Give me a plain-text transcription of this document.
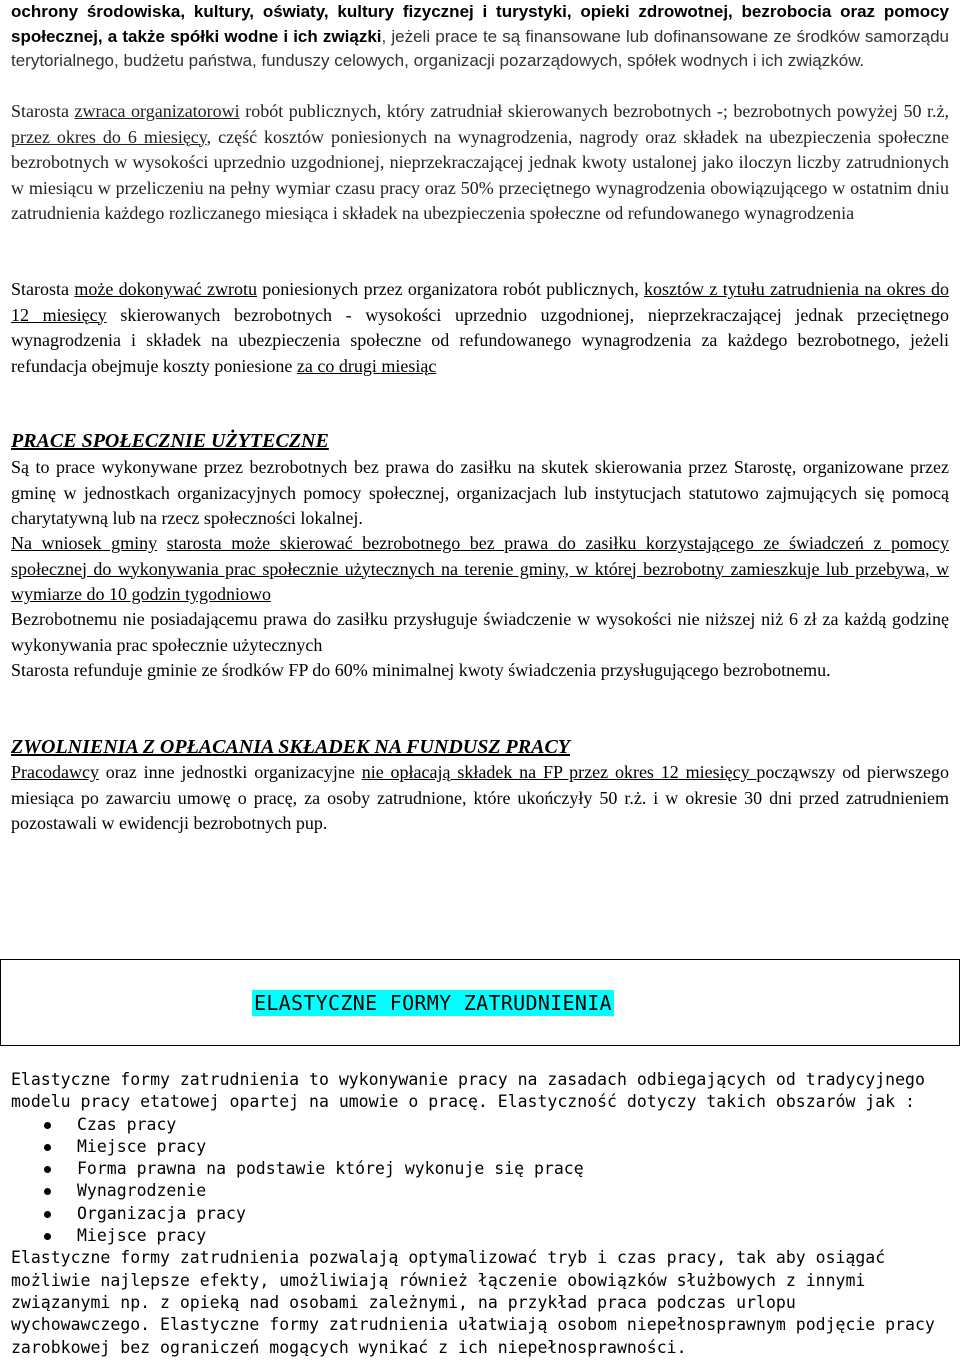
ochrony środowiska, kultury, oświaty, kultury fizycznej i turystyki, opieki zdrowotnej, bezrobocia oraz pomocy społecznej, a także spółki wodne i ich związki, jeżeli prace te są finansowane lub dofinansowane ze środków samorządu terytorialnego, budżetu państwa, funduszy celowych, organizacji pozarządowych, spółek wodnych i ich związków.

Starosta zwraca organizatorowi robót publicznych, który zatrudniał skierowanych bezrobotnych -; bezrobotnych powyżej 50 r.ż, przez okres do 6 miesięcy, część kosztów poniesionych na wynagrodzenia, nagrody oraz składek na ubezpieczenia społeczne bezrobotnych w wysokości uprzednio uzgodnionej, nieprzekraczającej jednak kwoty ustalonej jako iloczyn liczby zatrudnionych w miesiącu w przeliczeniu na pełny wymiar czasu pracy oraz 50% przeciętnego wynagrodzenia obowiązującego w ostatnim dniu zatrudnienia każdego rozliczanego miesiąca i składek na ubezpieczenia społeczne od refundowanego wynagrodzenia

Starosta może dokonywać zwrotu poniesionych przez organizatora robót publicznych, kosztów z tytułu zatrudnienia na okres do 12 miesięcy skierowanych bezrobotnych - wysokości uprzednio uzgodnionej, nieprzekraczającej jednak przeciętnego wynagrodzenia i składek na ubezpieczenia społeczne od refundowanego wynagrodzenia za każdego bezrobotnego, jeżeli refundacja obejmuje koszty poniesione za co drugi miesiąc

PRACE SPOŁECZNIE UŻYTECZNE

Są to prace wykonywane przez bezrobotnych bez prawa do zasiłku na skutek skierowania przez Starostę, organizowane przez gminę w jednostkach organizacyjnych pomocy społecznej, organizacjach lub instytucjach statutowo zajmujących się pomocą charytatywną lub na rzecz społeczności lokalnej.

Na wniosek gminy starosta może skierować bezrobotnego bez prawa do zasiłku korzystającego ze świadczeń z pomocy społecznej do wykonywania prac społecznie użytecznych na terenie gminy, w której bezrobotny zamieszkuje lub przebywa, w wymiarze do 10 godzin tygodniowo

Bezrobotnemu nie posiadającemu prawa do zasiłku przysługuje świadczenie w wysokości nie niższej niż 6 zł za każdą godzinę wykonywania prac społecznie użytecznych

Starosta refunduje gminie ze środków FP do 60% minimalnej kwoty świadczenia przysługującego bezrobotnemu.

ZWOLNIENIA Z OPŁACANIA SKŁADEK NA FUNDUSZ PRACY

Pracodawcy oraz inne jednostki organizacyjne nie opłacają składek na FP przez okres 12 miesięcy począwszy od pierwszego miesiąca po zawarciu umowę o pracę, za osoby zatrudnione, które ukończyły 50 r.ż. i w okresie 30 dni przed zatrudnieniem pozostawali w ewidencji bezrobotnych pup.

ELASTYCZNE FORMY ZATRUDNIENIA

Elastyczne formy zatrudnienia to wykonywanie pracy na zasadach odbiegających od tradycyjnego modelu pracy etatowej opartej na umowie o pracę. Elastyczność dotyczy takich obszarów jak :

Czas pracy
Miejsce pracy
Forma prawna na podstawie której wykonuje się pracę
Wynagrodzenie
Organizacja pracy
Miejsce pracy

Elastyczne formy zatrudnienia pozwalają optymalizować tryb i czas pracy, tak aby osiągać możliwie najlepsze efekty, umożliwiają również łączenie obowiązków służbowych z innymi związanymi np. z opieką nad osobami zależnymi, na przykład praca podczas urlopu wychowawczego. Elastyczne formy zatrudnienia ułatwiają osobom niepełnosprawnym podjęcie pracy zarobkowej bez ograniczeń mogących wynikać z ich niepełnosprawności.
